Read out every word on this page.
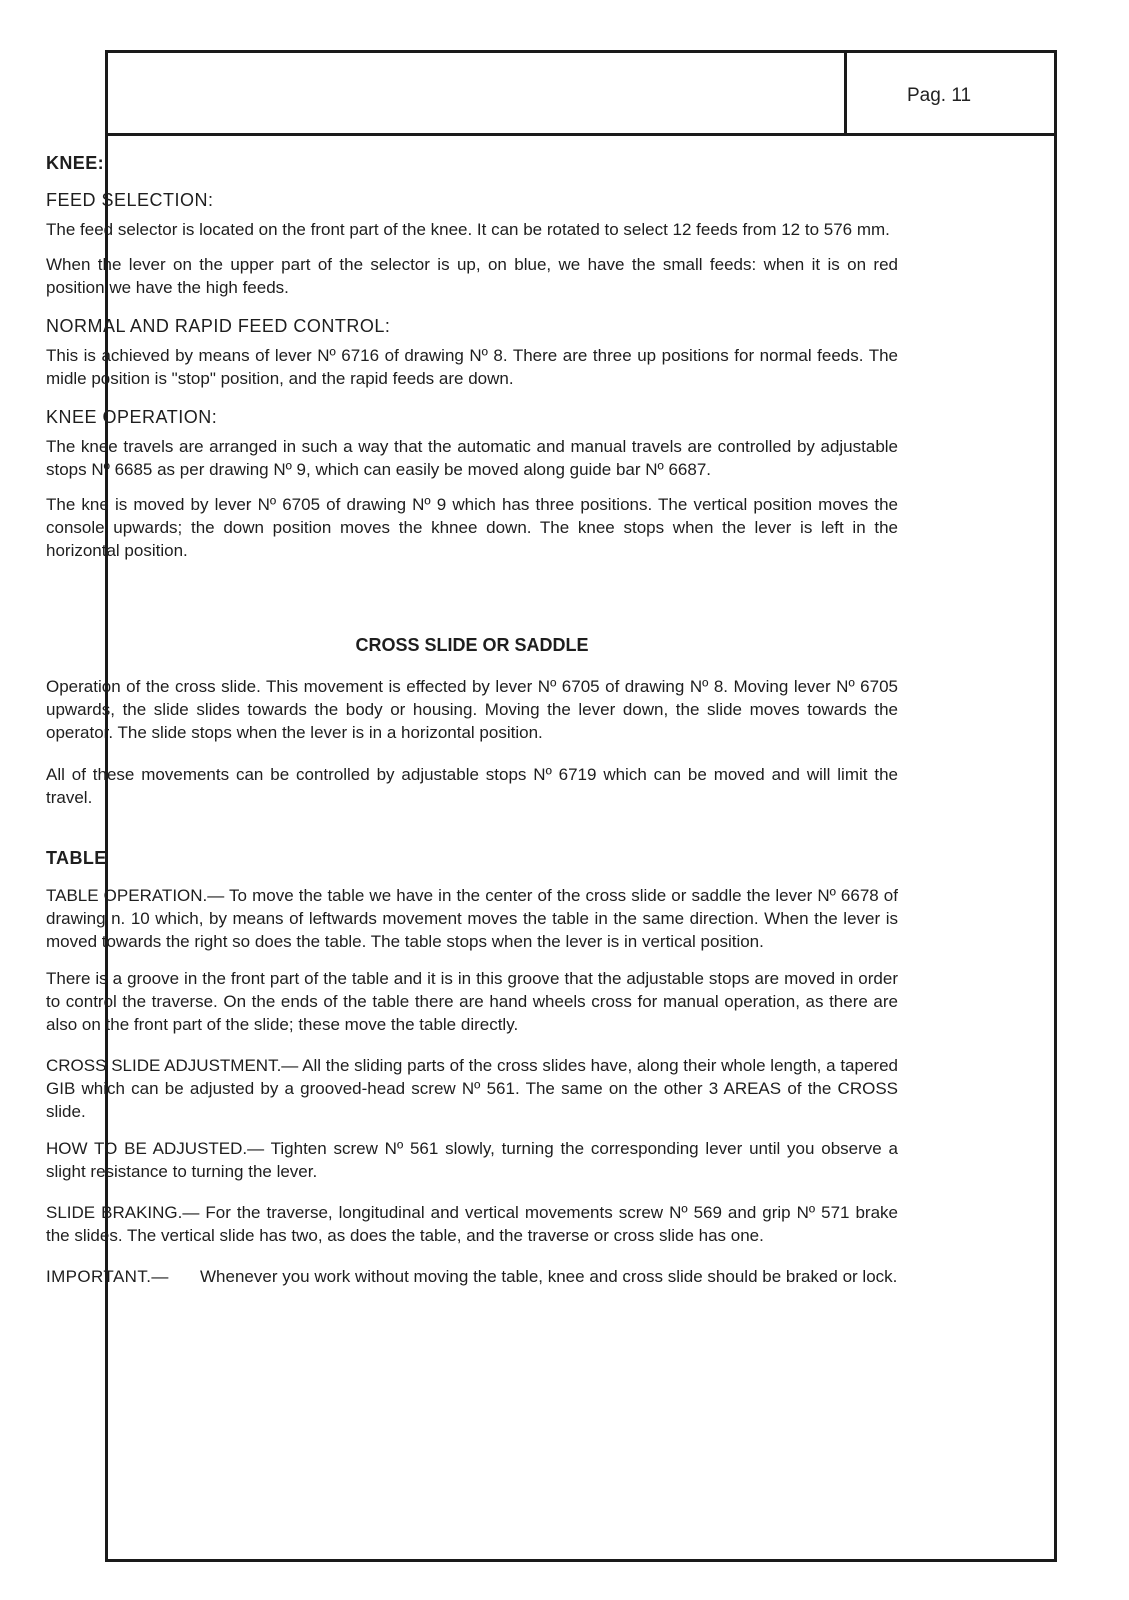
Pag. 11

KNEE:

FEED SELECTION:

The feed selector is located on the front part of the knee. It can be rotated to select 12 feeds from 12 to 576 mm.

When the lever on the upper part of the selector is up, on blue, we have the small feeds: when it is on red position we have the high feeds.

NORMAL AND RAPID FEED CONTROL:

This is achieved by means of lever Nº 6716 of drawing Nº 8. There are three up positions for normal feeds. The midle position is "stop" position, and the rapid feeds are down.

KNEE OPERATION:

The knee travels are arranged in such a way that the automatic and manual travels are controlled by adjustable stops Nº 6685 as per drawing Nº 9, which can easily be moved along guide bar Nº 6687.

The kne is moved by lever Nº 6705 of drawing Nº 9 which has three positions. The vertical position moves the console upwards; the down position moves the khnee down. The knee stops when the lever is left in the horizontal position.

CROSS SLIDE OR SADDLE

Operation of the cross slide. This movement is effected by lever Nº 6705 of drawing Nº 8. Moving lever Nº 6705 upwards, the slide slides towards the body or housing. Moving the lever down, the slide moves towards the operator. The slide stops when the lever is in a horizontal position.

All of these movements can be controlled by adjustable stops Nº 6719 which can be moved and will limit the travel.

TABLE

TABLE OPERATION.— To move the table we have in the center of the cross slide or saddle the lever Nº 6678 of drawing n. 10 which, by means of leftwards movement moves the table in the same direction. When the lever is moved towards the right so does the table. The table stops when the lever is in vertical position.

There is a groove in the front part of the table and it is in this groove that the adjustable stops are moved in order to control the traverse. On the ends of the table there are hand wheels cross for manual operation, as there are also on the front part of the slide; these move the table directly.

CROSS SLIDE ADJUSTMENT.— All the sliding parts of the cross slides have, along their whole length, a tapered GIB which can be adjusted by a grooved-head screw Nº 561. The same on the other 3 AREAS of the CROSS slide.

HOW TO BE ADJUSTED.— Tighten screw Nº 561 slowly, turning the corresponding lever until you observe a slight resistance to turning the lever.

SLIDE BRAKING.— For the traverse, longitudinal and vertical movements screw Nº 569 and grip Nº 571 brake the slides. The vertical slide has two, as does the table, and the traverse or cross slide has one.

IMPORTANT.—	Whenever you work without moving the table, knee and cross slide should be braked or lock.
